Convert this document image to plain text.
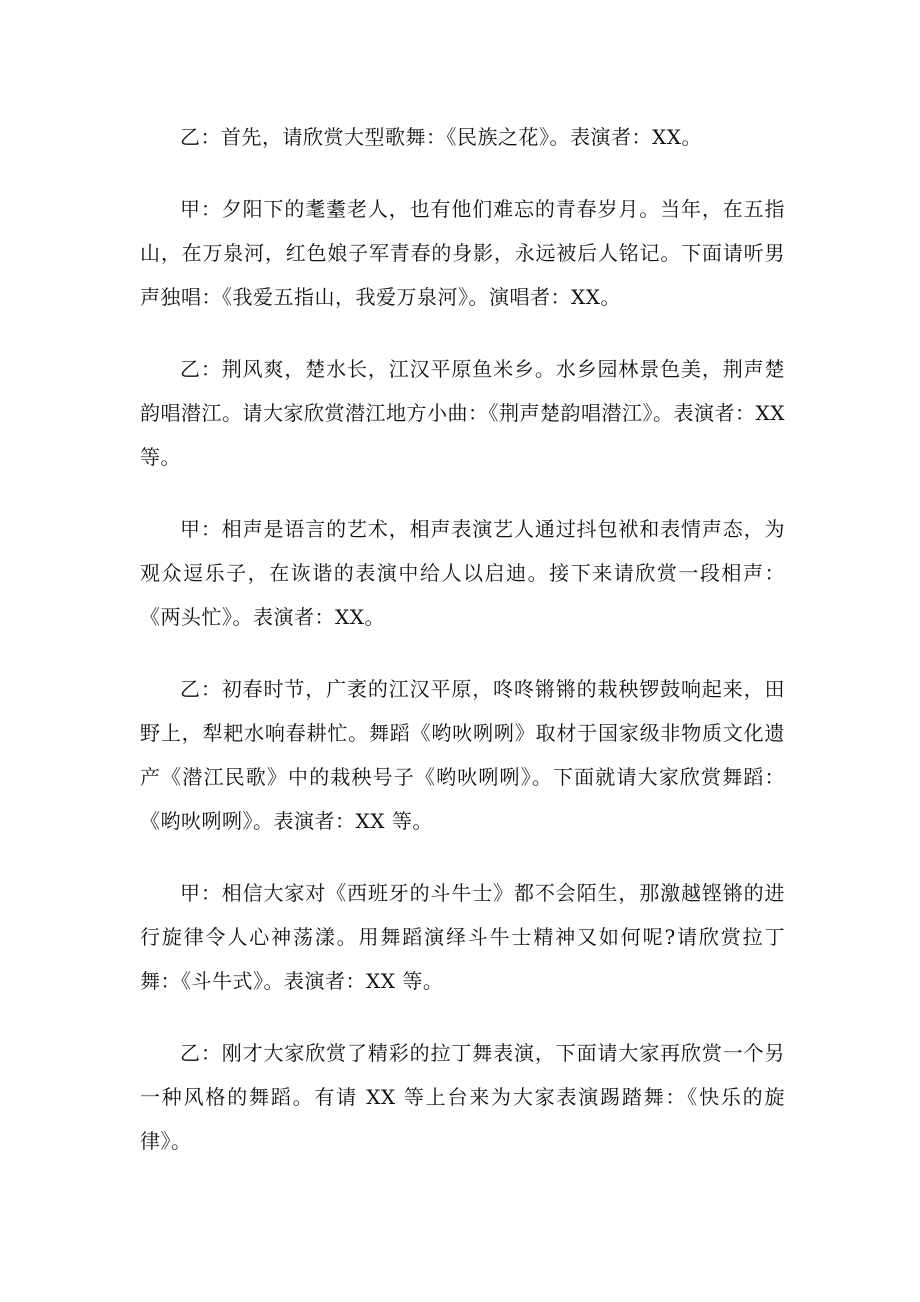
乙：首先，请欣赏大型歌舞：《民族之花》。表演者：XX。

甲：夕阳下的耄耋老人，也有他们难忘的青春岁月。当年，在五指山，在万泉河，红色娘子军青春的身影，永远被后人铭记。下面请听男声独唱：《我爱五指山，我爱万泉河》。演唱者：XX。

乙：荆风爽，楚水长，江汉平原鱼米乡。水乡园林景色美，荆声楚韵唱潜江。请大家欣赏潜江地方小曲：《荆声楚韵唱潜江》。表演者：XX 等。

甲：相声是语言的艺术，相声表演艺人通过抖包袱和表情声态，为观众逗乐子，在诙谐的表演中给人以启迪。接下来请欣赏一段相声：《两头忙》。表演者：XX。

乙：初春时节，广袤的江汉平原，咚咚锵锵的栽秧锣鼓响起来，田野上，犁耙水响春耕忙。舞蹈《哟吙咧咧》取材于国家级非物质文化遗产《潜江民歌》中的栽秧号子《哟吙咧咧》。下面就请大家欣赏舞蹈：《哟吙咧咧》。表演者：XX 等。

甲：相信大家对《西班牙的斗牛士》都不会陌生，那激越铿锵的进行旋律令人心神荡漾。用舞蹈演绎斗牛士精神又如何呢?请欣赏拉丁舞：《斗牛式》。表演者：XX 等。

乙：刚才大家欣赏了精彩的拉丁舞表演，下面请大家再欣赏一个另一种风格的舞蹈。有请 XX 等上台来为大家表演踢踏舞：《快乐的旋律》。
